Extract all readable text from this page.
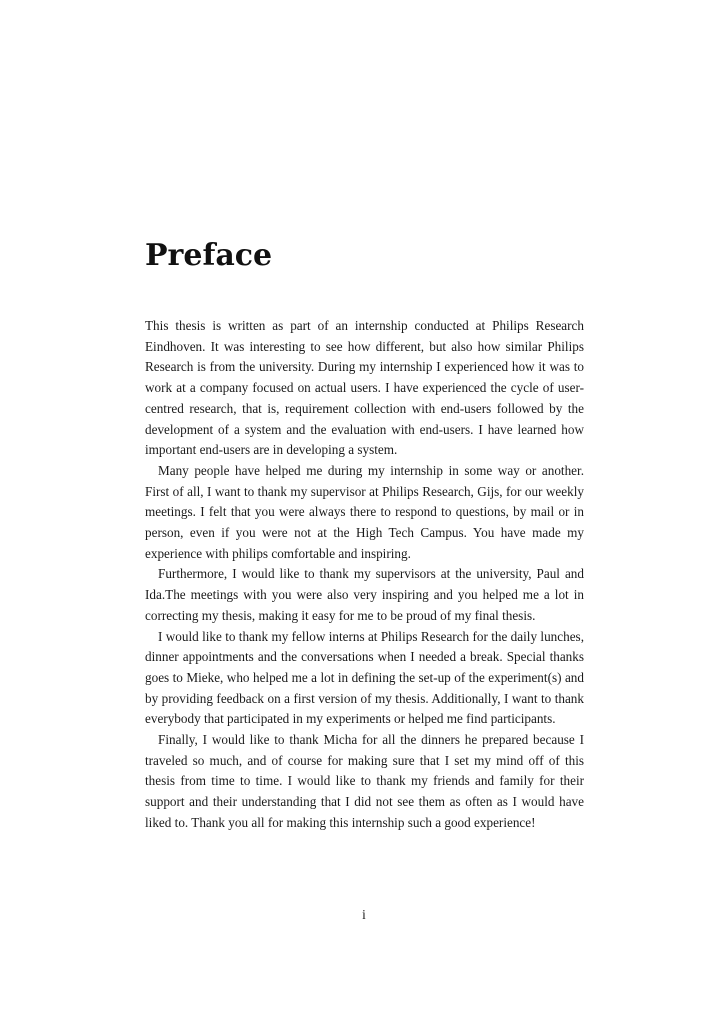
Preface

This thesis is written as part of an internship conducted at Philips Research Eindhoven. It was interesting to see how different, but also how similar Philips Research is from the university. During my internship I experienced how it was to work at a company focused on actual users. I have experienced the cycle of user-centred research, that is, requirement collection with end-users followed by the development of a system and the evaluation with end-users. I have learned how important end-users are in developing a system.

Many people have helped me during my internship in some way or another. First of all, I want to thank my supervisor at Philips Research, Gijs, for our weekly meetings. I felt that you were always there to respond to questions, by mail or in person, even if you were not at the High Tech Campus. You have made my experience with philips comfortable and inspiring.

Furthermore, I would like to thank my supervisors at the university, Paul and Ida.The meetings with you were also very inspiring and you helped me a lot in correcting my thesis, making it easy for me to be proud of my final thesis.

I would like to thank my fellow interns at Philips Research for the daily lunches, dinner appointments and the conversations when I needed a break. Special thanks goes to Mieke, who helped me a lot in defining the set-up of the experiment(s) and by providing feedback on a first version of my thesis. Additionally, I want to thank everybody that participated in my experiments or helped me find participants.

Finally, I would like to thank Micha for all the dinners he prepared because I traveled so much, and of course for making sure that I set my mind off of this thesis from time to time. I would like to thank my friends and family for their support and their understanding that I did not see them as often as I would have liked to. Thank you all for making this internship such a good experience!

i
